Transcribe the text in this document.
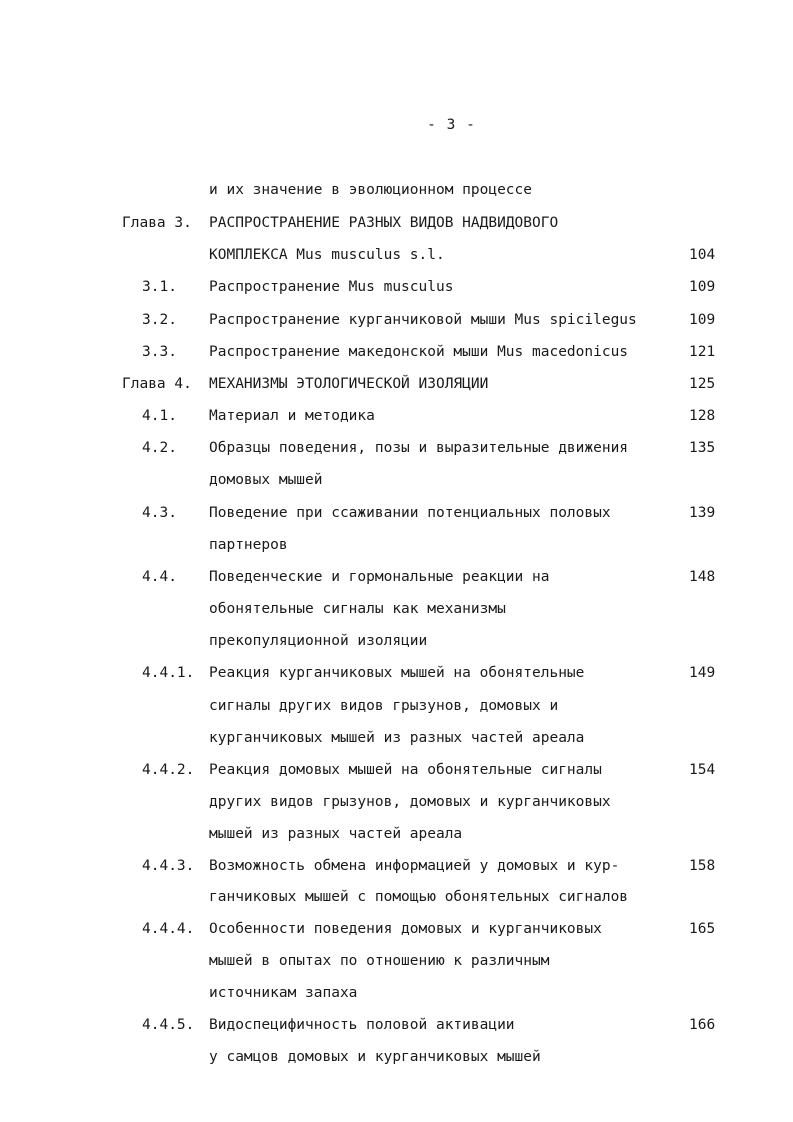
- 3 -
и их значение в эволюционном процессе
Глава 3. РАСПРОСТРАНЕНИЕ РАЗНЫХ ВИДОВ НАДВИДОВОГО
КОМПЛЕКСА Mus musculus s.l.	104
3.1. Распространение Mus musculus	109
3.2. Распространение курганчиковой мыши Mus spicilegus	109
3.3. Распространение македонской мыши Mus macedonicus	121
Глава 4. МЕХАНИЗМЫ ЭТОЛОГИЧЕСКОЙ ИЗОЛЯЦИИ	125
4.1. Материал и методика	128
4.2. Образцы поведения, позы и выразительные движения	135
домовых мышей
4.3. Поведение при ссаживании потенциальных половых	139
партнеров
4.4. Поведенческие и гормональные реакции на	148
обонятельные сигналы как механизмы
прекопуляционной изоляции
4.4.1. Реакция курганчиковых мышей на обонятельные	149
сигналы других видов грызунов, домовых и
курганчиковых мышей из разных частей ареала
4.4.2. Реакция домовых мышей на обонятельные сигналы	154
других видов грызунов, домовых и курганчиковых
мышей из разных частей ареала
4.4.3. Возможность обмена информацией у домовых и кур-	158
ганчиковых мышей с помощью обонятельных сигналов
4.4.4. Особенности поведения домовых и курганчиковых	165
мышей в опытах по отношению к различным
источникам запаха
4.4.5. Видоспецифичность половой активации	166
у самцов домовых и курганчиковых мышей
